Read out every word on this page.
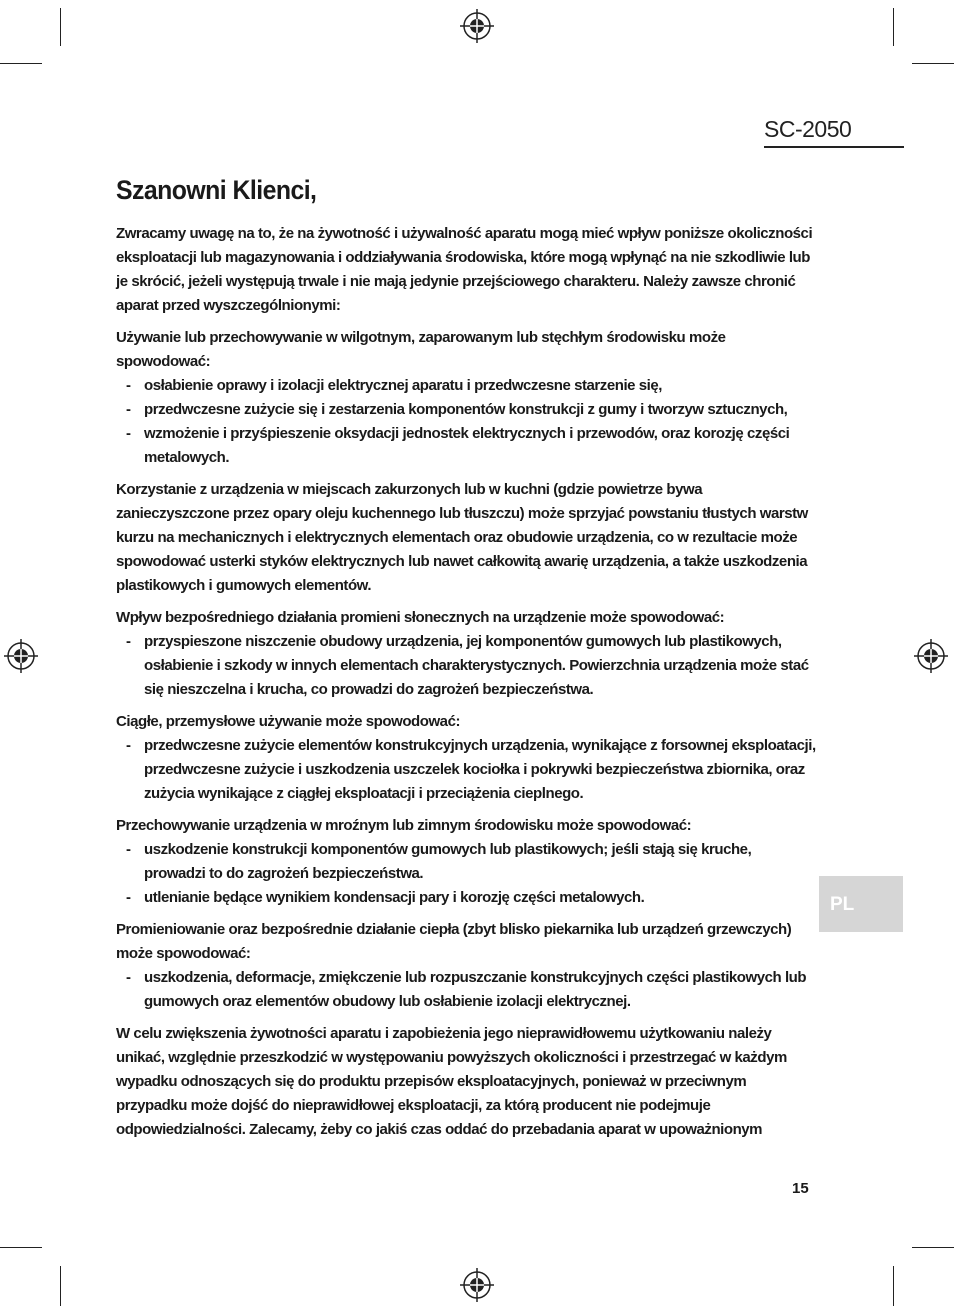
SC-2050
PL
Szanowni Klienci,

Zwracamy uwagę na to, że na żywotność i używalność aparatu mogą mieć wpływ poniższe okoliczności eksploatacji lub magazynowania i oddziaływania środowiska, które mogą wpłynąć na nie szkodliwie lub je skrócić, jeżeli występują trwale i nie mają jedynie przejściowego charakteru. Należy zawsze chronić aparat przed wyszczególnionymi:

Używanie lub przechowywanie w wilgotnym, zaparowanym lub stęchłym środowisku może spowodować:

- osłabienie oprawy i izolacji elektrycznej aparatu i przedwczesne starzenie się,
- przedwczesne zużycie się i zestarzenia komponentów konstrukcji z gumy i tworzyw sztucznych,
- wzmożenie i przyśpieszenie oksydacji jednostek elektrycznych i przewodów, oraz korozję części metalowych.

Korzystanie z urządzenia w miejscach zakurzonych lub w kuchni (gdzie powietrze bywa zanieczyszczone przez opary oleju kuchennego lub tłuszczu) może sprzyjać powstaniu tłustych warstw kurzu na mechanicznych i elektrycznych elementach oraz obudowie urządzenia, co w rezultacie może spowodować usterki styków elektrycznych lub nawet całkowitą awarię urządzenia, a także uszkodzenia plastikowych i gumowych elementów.

Wpływ bezpośredniego działania promieni słonecznych na urządzenie może spowodować:

- przyspieszone niszczenie obudowy urządzenia, jej komponentów gumowych lub plastikowych, osłabienie i szkody w innych elementach charakterystycznych. Powierzchnia urządzenia może stać się nieszczelna i krucha, co prowadzi do zagrożeń bezpieczeństwa.

Ciągłe, przemysłowe używanie może spowodować:

- przedwczesne zużycie elementów konstrukcyjnych urządzenia, wynikające z forsownej eksploatacji, przedwczesne zużycie i uszkodzenia uszczelek kociołka i pokrywki bezpieczeństwa zbiornika, oraz zużycia wynikające z ciągłej eksploatacji i przeciążenia cieplnego.

Przechowywanie urządzenia w mroźnym lub zimnym środowisku może spowodować:

- uszkodzenie konstrukcji komponentów gumowych lub plastikowych; jeśli stają się kruche, prowadzi to do zagrożeń bezpieczeństwa.
- utlenianie będące wynikiem kondensacji pary i korozję części metalowych.

Promieniowanie oraz bezpośrednie działanie ciepła (zbyt blisko piekarnika lub urządzeń grzewczych) może spowodować:

- uszkodzenia, deformacje, zmiękczenie lub rozpuszczanie konstrukcyjnych części plastikowych lub gumowych oraz elementów obudowy lub osłabienie izolacji elektrycznej.

W celu zwiększenia żywotności aparatu i zapobieżenia jego nieprawidłowemu użytkowaniu należy unikać, względnie przeszkodzić w występowaniu powyższych okoliczności i przestrzegać w każdym wypadku odnoszących się do produktu przepisów eksploatacyjnych, ponieważ w przeciwnym przypadku może dojść do nieprawidłowej eksploatacji, za którą producent nie podejmuje odpowiedzialności. Zalecamy, żeby co jakiś czas oddać do przebadania aparat w upoważnionym

15
